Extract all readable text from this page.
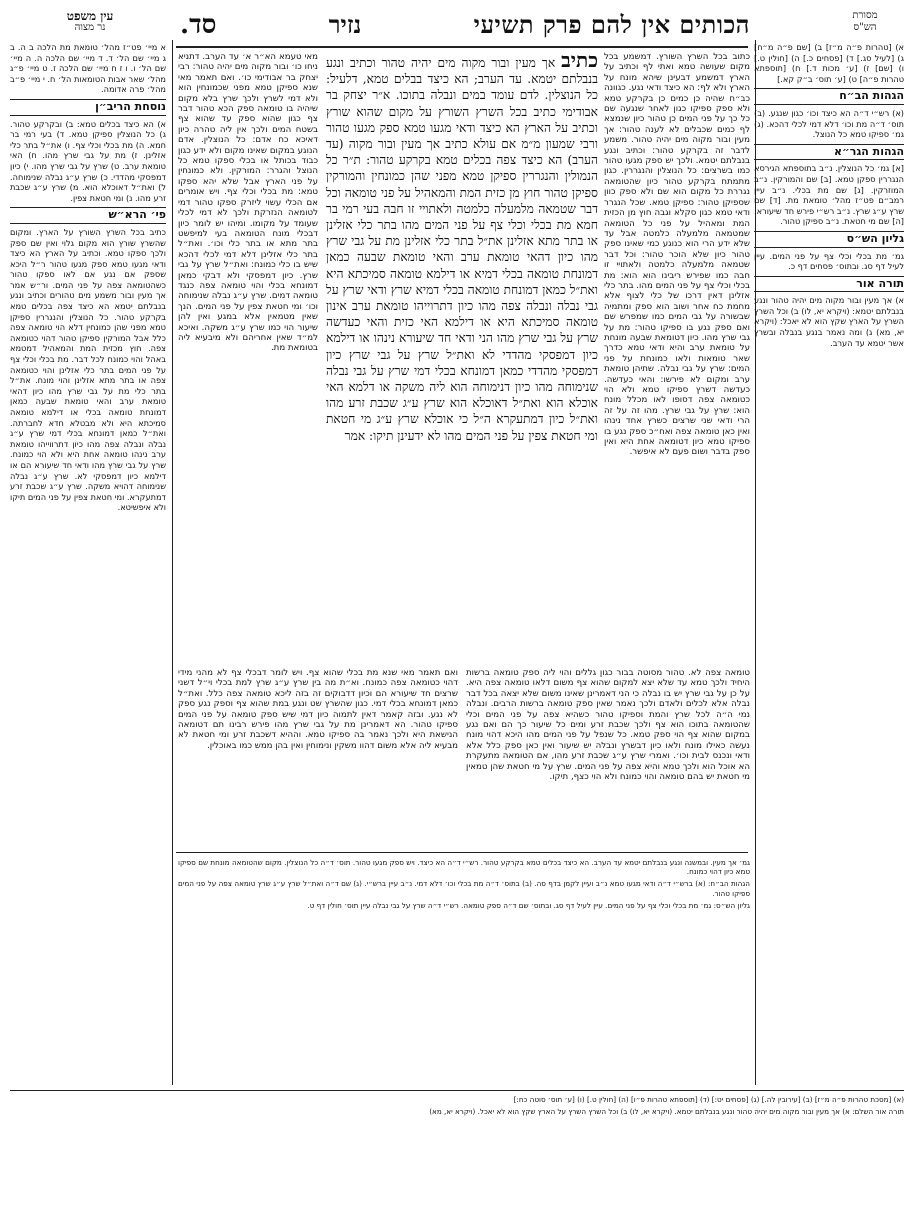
מסורת
הש"ס
הכותים אין להם פרק תשיעי
נזיר
סד.
עין משפט
נר מצוה

א) [טהרות פ״ה מ״ז] ב) [שם פ״ה מ״ח] ג) [לעיל סג.] ד) [פסחים כ.] ה) [חולין ט.] ו) [שם] ז) [ע׳ מכות ד.] ח) [תוספתא טהרות פ״ה] ט) [ע׳ תוס׳ ב״ק קא.]

הגהות הב״ח

(א) רש״י ד״ה הא כיצד וכו׳ כגון שנגע. (ב) תוס׳ ד״ה מת וכו׳ דלא דמי לכלי דהכא. (ג) גמ׳ ספיקו טמא כל הנוצל.

הגהות הגר״א

[א] גמ׳ כל הנוצלין. נ״ב בתוספתא הגירסא הנגררין ספקן טמא. [ב] שם והמורקין. נ״ב המוזרקין. [ג] שם מת בכלי. נ״ב עיין רמב״ם פט״ז מהל׳ טומאת מת. [ד] שם שרץ ע״ג שרץ. נ״ב רש״י פירש חד שיעורא. [ה] שם מי חטאת. נ״ב ספיקן טהור.

גליון הש״ס

גמ׳ מת בכלי וכלי צף על פני המים. עיין לעיל דף סג. ובתוס׳ פסחים דף כ.

תורה אור

א) אך מעין ובור מקוה מים יהיה טהור ונגע בנבלתם יטמא: (ויקרא יא, לו) ב) וכל השרץ השרץ על הארץ שקץ הוא לא יאכל: (ויקרא יא, מא) ג) ומה נאמר בנגע בנבלה ובשרץ אשר יטמא עד הערב.

א מיי׳ פט״ז מהל׳ טומאת מת הלכה ב ה. ב ג מיי׳ שם הל׳ ד. ד מיי׳ שם הלכה ה. ה מיי׳ שם הל׳ ו. ו ז ח מיי׳ שם הלכה ז. ט מיי׳ פ״ג מהל׳ שאר אבות הטומאות הל׳ ח. י מיי׳ פ״ב מהל׳ פרה אדומה.

נוסחת הריב״ן

א) הא כיצד בכלים טמא: ב) ובקרקע טהור. ג) כל הנוצלין ספיקן טמא. ד) בעי רמי בר חמא. ה) מת בכלי וכלי צף. ו) את״ל בתר כלי אזלינן. ז) מת על גבי שרץ מהו. ח) האי טומאת ערב. ט) שרץ על גבי שרץ מהו. י) כיון דמפסקי מהדדי. כ) שרץ ע״ג נבלה שנימוחה. ל) ואת״ל דאוכלא הוא. מ) שרץ ע״ג שכבת זרע מהו. נ) ומי חטאת צפין.

פי׳ הרא״ש

כתיב בכל השרץ השורץ על הארץ. ומקום שהשרץ שורץ הוא מקום גלוי ואין שם ספק ולכך ספקו טמא. וכתיב על הארץ הא כיצד ודאי מגעו טמא ספק מגעו טהור ר״ל היכא שספק אם נגע אם לאו ספקו טהור כשהטומאה צפה על פני המים. ור״ש אמר אך מעין ובור משמע מים טהורים וכתיב ונגע בנבלתם יטמא הא כיצד צפה בכלים טמא בקרקע טהור. כל הנוצלין והנגררין ספיקן טמא מפני שהן כמונחין דלא הוי טומאה צפה כלל אבל המורקין ספיקן טהור דהוי כטומאה צפה. חוץ מכזית המת והמאהיל דמטמא באהל והוי כמונח לכל דבר. מת בכלי וכלי צף על פני המים בתר כלי אזלינן והוי כטומאה צפה או בתר מתא אזלינן והוי מונח. את״ל בתר כלי מת על גבי שרץ מהו כיון דהאי טומאת ערב והאי טומאת שבעה כמאן דמונחת טומאה בכלי או דילמא טומאה סמיכתא היא ולא מבטלא חדא לחברתה. ואת״ל כמאן דמונחא בכלי דמי שרץ ע״ג נבלה ונבלה צפה מהו כיון דתרווייהו טומאת ערב נינהו טומאה אחת היא ולא הוי כמונח. שרץ על גבי שרץ מהו ודאי חד שיעורא הם או דילמא כיון דמפסקי לא. שרץ ע״ג נבלה שנימוחה דהויא משקה. שרץ ע״ג שכבת זרע דמתעקרא. ומי חטאת צפין על פני המים תיקו ולא איפשיטא.

כתוב בכל השרץ השורץ. דמשמע בכל מקום שעושה טמא ואתי לף וכתיב על הארץ דמשמע דבעינן שיהא מונח על הארץ ולא לף: הא כיצד ודאי נגע. כגוונה כב״ח שהיה כן כמים כן בקרקע טמא ולא ספק ספיקו כגון לאחר שנגעה שם כל כך על פני המים כן טהור כיון שנמצא לף כמים שכבלים לא לענה טהור: אך מעין ובור מקוה מים יהיה טהור. משמע לדבר זה בקרקע טהור: וכתיב ונגע בנבלתם יטמא. ולכך יש ספק מגעו טהור כמו בשרצים: כל הנוצלין והנגררין. כגון מתמתח בקרקע טהור כיון שהטומאה נגררת כל מקום הוא שם ולא ספק כוון שספיקן טהור: ספיקן טמא. שכל הנגרר ודאי טמא כגון סקלא וגבה חוץ מן הכזית המת ומאהיל על פני כל הטומאה שמטמאה מלמעלה כלמטה אבל עד שלא ידע הרי הוא כנוגע כמי שאינו ספק טהור כיון שלא הוכר טהור: וכל דבר שטמאה מלמעלה כלמטה ולאתויי זו חבה כמו שפירש ריבינו הוא הוא: מת בכלי וכלי צף על פני המים מהו. בתר כלי אזלינן דאין דרכו של כלי לצוף אלא מחמת כח אחר ושוב הוא ספק ומתמיה שבשורה על גבי המים כמו שמפרש שם ואם ספק נגע בו ספיקו טהור: מת על גבי שרץ מהו. כיון דטומאת שבעה מונחת על טומאת ערב והיא ודאי טמא כדרך שאר טומאות ולאו כמונחת על פני המים: שרץ על גבי נבלה. שתיהן טומאת ערב ומקום לא פירשו: והאי כעדשה. כעדשה דשרץ ספיקו טמא ולא הוי כטומאה צפה דסופו לאו מכלל מונח הוא: שרץ על גבי שרץ. מהו זה על זה הרי ודאי שני שרצים כשרץ אחד נינהו ואין כאן טומאה צפה ואח״כ ספק נגע בו ספיקו טמא כיון דטומאה אחת היא ואין ספק בדבר ושום פעם לא איפשר.

מאי טעמא הא״ר א׳ עד הערב. דתניא ניחו כו׳ ובור מקוה מים יהיה טהור: רבי יצחק בר אבודימי כו׳. ואם תאמר מאי שנא ספיקן טמא מפני שכמונחין הוא ולא דמי לשרץ ולכך שרץ בלא מקום שיהיה בו טומאה ספק הכא טהור דבר צף כגון שהוא ספק עד שהוא צף בשטח המים ולכך אין ליה טהרה כיון דאיכא כח אדם: כל הנוצלין. אדם הנוגע במקום שאינו מקום ולא ידע כגון כבוד בכותל או בכלי ספקו טמא כל הנוצל והגרר: המורקין. ולא כמונחין על פני הארץ אבל שלא יהא ספקו טמא: מת בכלי וכלי צף. ויש אומרים אם הכלי עשוי ליזרק ספקו טהור דמי לטומאה הנזרקת ולכך לא דמי לכלי שעומד על מקומו. ומיהו יש לומר כיון דבכלי מונח הטומאה בעי למיפשט בתר מתא או בתר כלי וכו׳. ואת״ל בתר כלי אזלינן דלא דמי לכלי דהכא שיש בו כלי כמונח: ואת״ל שרץ על גבי שרץ. כיון דמפסקי ולא דבקי כמאן דמונחא בכלי והוי טומאה צפה כנגד טומאה דמים. שרץ ע״ג נבלה שנימוחה וכו׳ ומי חטאת צפין על פני המים. הנך שאין מטמאין אלא במגע ואין להן שיעור הוי כמו שרץ ע״ג משקה. ואיכא למ״ד שאין אחריהם ולא מיבעיא ליה בטומאת מת.

כתיב אך מעין ובור מקוה מים יהיה טהור וכתיב ונגע בנבלתם יטמא. עד הערב; הא כיצד בבלים טמא, דלעיל: כל הנוצלין. לדם עומד במים ונבלה בתוכו. א״ר יצחק בר אבודימי כתיב בכל השרץ השורץ על מקום שהוא שורץ וכתיב על הארץ הא כיצד ודאי מגעו טמא ספק מגעו טהור ורבי שמעון מ״מ אם עולא כתיב אך מעין ובור מקוה (עד הערב) הא כיצד צפה בכלים טמא בקרקע טהור: ת״ר כל הנמולין והנגררין ספיקן טמא מפני שהן כמונחין והמורקין ספיקן טהור חוץ מן כזית המת והמאהיל על פני טומאה וכל דבר שטמאה מלמעלה כלמטה ולאתויי זו חבה בעי רמי בר חמא מת בכלי וכלי צף על פני המים מהו בתר כלי אזלינן או בתר מתא אזלינן את״ל בתר כלי אזלינן מת על גבי שרץ מהו כיון דהאי טומאת ערב והאי טומאת שבעה כמאן דמונחת טומאה בכלי דמיא או דילמא טומאה סמיכתא היא ואת״ל כמאן דמונחת טומאה בכלי דמיא שרץ ודאי שרץ על גבי נבלה ונבלה צפה מהו כיון דתרוייהו טומאת ערב אינון טומאה סמיכתא היא או דילמא האי כזית והאי כעדשה שרץ על גבי שרץ מהו הני ודאי חד שיעורא נינהו או דילמא כיון דמפסקי מהדדי לא ואת״ל שרץ על גבי שרץ כיון דמפסקי מהדדי כמאן דמונחא בכלי דמי שרץ על גבי נבלה שנימוחה מהו כיון דנימוחה הוא ליה משקה או דלמא האי אוכלא הוא ואת״ל דאוכלא הוא שרץ ע״ג שכבת זרע מהו ואת״ל כיון דמתעקרא ה״ל כי אוכלא שרץ ע״ג מי חטאת ומי חטאת צפין על פני המים מהו לא ידעינן תיקו: אמר

טומאה צפה לא. טהור מסוטה בבור כגון גללים והוי ליה ספק טומאה ברשות היחיד ולכך טמא עד שלא יצא למקום שהוא צף משום דלאו טומאה צפה היא. על כן על גבי שרץ יש בו נבלה כי הני דאמרינן שאינו משום שלא יצאה בכל דבר נבלה אלא לכלים ולאדם ולכך נאמר שאין ספק טומאה ברשות הרבים. ונבלה נמי ה״ה לכל שרץ והמת וספיקו טהור כשהיא צפה על פני המים וכלי שהטומאה בתוכו הוא צף ולכך שכבת זרע ומים כל שיעור כך הם ואם נגע במקום שהוא צף הוי ספק טמא. כל שנפל על פני המים מהו היכא דהוי מונח נעשה כאילו מונח ולאו כיון דבשרץ ונבלה יש שיעור ואין כאן ספק כלל אלא ודאי ונכנס לבית וכו׳. ואמרי שרץ ע״ג שכבת זרע מהו, אם הטומאה מתעקרת הא אוכל הוא ולכך טמא והיא צפה על פני המים. שרץ על מי חטאת שהן טמאין מי חטאת יש בהם טומאה והוי כמונח ולא הוי כצף, תיקו.

ואם תאמר מאי שנא מת בכלי שהוא צף. ויש לומר דבכלי צף לא מהני מידי דהוי כטומאה צפה כמונח. וא״ת מה בין שרץ ע״ג שרץ למת בכלי וי״ל דשני שרצים חד שיעורא הם וכיון דדבוקים זה בזה ליכא טומאה צפה כלל. ואת״ל כמאן דמונחא בכלי דמי. כגון שהשרץ שט ונגע במת שהוא צף וספק נגע ספק לא נגע. ובזה קאמר דאין לתמוה כיון דמי שיש ספק טומאה על פני המים ספיקו טהור. הא דאמרינן מת על גבי שרץ מהו פירש רבינו תם דטומאה הנישאת היא ולכך נאמר בה ספיקו טמא. וההיא דשכבת זרע ומי חטאת לא מבעיא ליה אלא משום דהוו משקין ונימוחין ואין בהן ממש כמו באוכלין.

גמ׳ אך מעין. ובמשנה ונגע בנבלתם יטמא עד הערב. הא כיצד בכלים טמא בקרקע טהור. רש״י ד״ה הא כיצד. ויש ספק מגעו טהור. תוס׳ ד״ה כל הנוצלין. מקום שהטומאה מונחת שם ספיקו טמא כיון דהוי כמונח.

הגהות הב״ח: (א) ברש״י ד״ה ודאי מגעו טמא נ״ב ועיין לקמן בדף סה. (ב) בתוס׳ ד״ה מת בכלי וכו׳ דלא דמי. נ״ב עיין ברש״י. (ג) שם ד״ה ואת״ל שרץ ע״ג שרץ טומאה צפה על פני המים ספיקו טהור.

גליון הש״ס: גמ׳ מת בכלי וכלי צף על פני המים. עיין לעיל דף סג. ובתוס׳ שם ד״ה ספק טומאה. רש״י ד״ה שרץ על גבי נבלה עיין תוס׳ חולין דף ט.

(א) [מסכת טהרות פ״ה מ״ז] (ב) [עירובין לה.] (ג) [פסחים יט:] (ד) [תוספתא טהרות פ״ו] (ה) [חולין ט.] (ו) [ע׳ תוס׳ סוטה כח:]

תורה אור השלם: א) אך מעין ובור מקוה מים יהיה טהור ונגע בנבלתם יטמא. (ויקרא יא, לו) ב) וכל השרץ השרץ על הארץ שקץ הוא לא יאכל. (ויקרא יא, מא)
